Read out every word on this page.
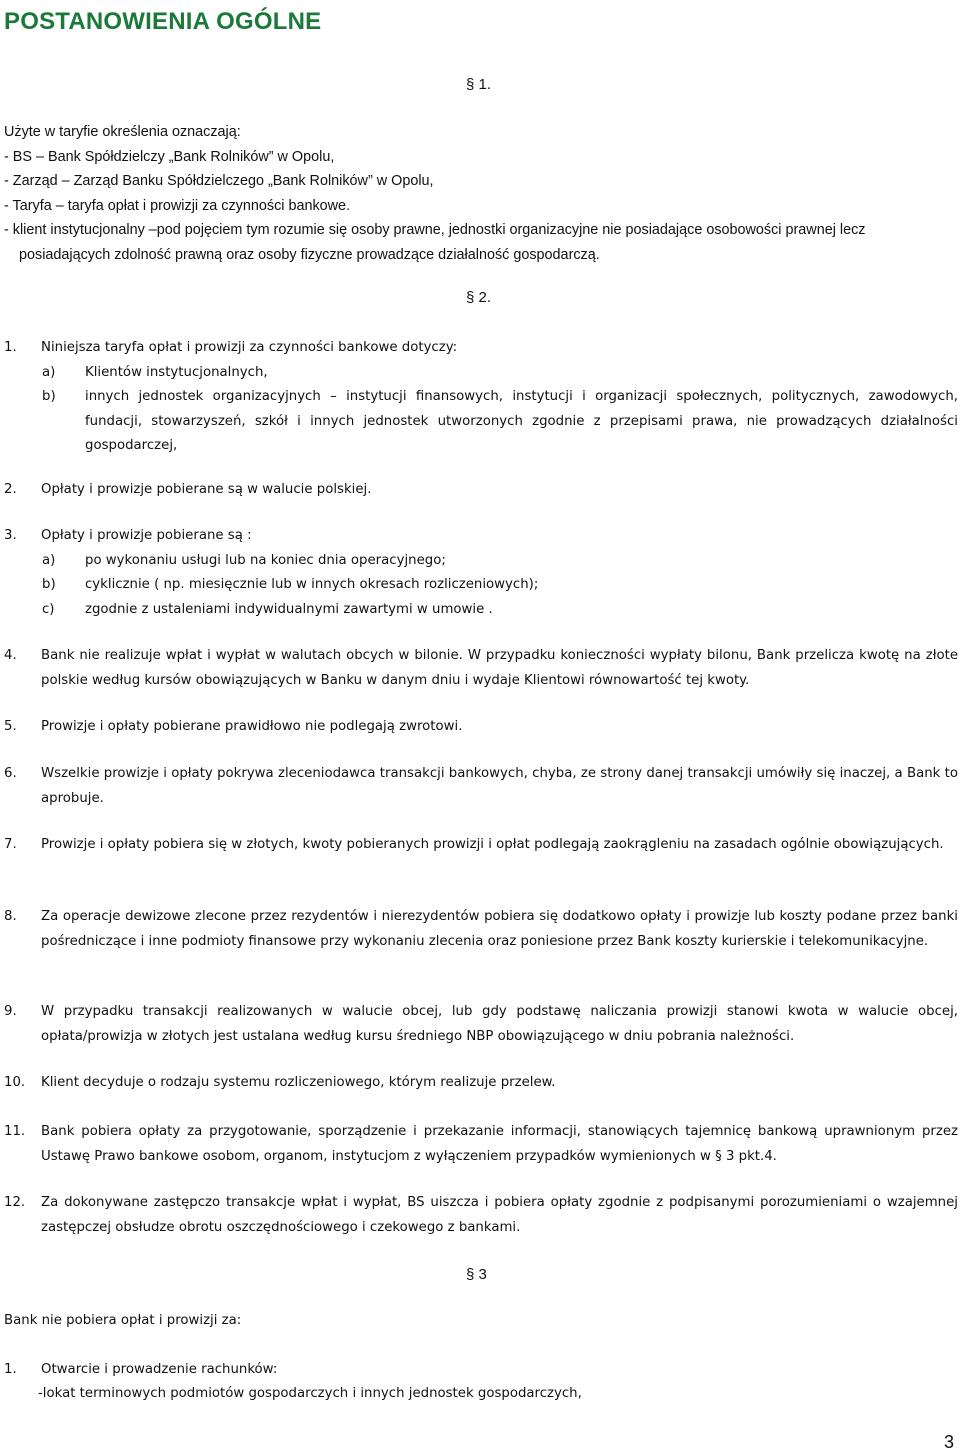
POSTANOWIENIA OGÓLNE
§ 1.

Użyte w taryfie określenia oznaczają:

- BS – Bank Spółdzielczy „Bank Rolników” w Opolu,

- Zarząd – Zarząd Banku Spółdzielczego „Bank Rolników” w Opolu,

- Taryfa – taryfa opłat i prowizji za czynności bankowe.

- klient instytucjonalny –pod pojęciem tym rozumie się osoby prawne, jednostki organizacyjne nie posiadające osobowości prawnej lecz posiadających zdolność prawną oraz osoby fizyczne prowadzące działalność gospodarczą.

§ 2.
1. Niniejsza taryfa opłat i prowizji za czynności bankowe dotyczy:
a) Klientów instytucjonalnych,
b) innych jednostek organizacyjnych – instytucji finansowych, instytucji i organizacji społecznych, politycznych, zawodowych, fundacji, stowarzyszeń, szkół i innych jednostek utworzonych zgodnie z przepisami prawa, nie prowadzących działalności gospodarczej,
2. Opłaty i prowizje pobierane są w walucie polskiej.
3. Opłaty i prowizje pobierane są :
a) po wykonaniu usługi lub na koniec dnia operacyjnego;
b) cyklicznie ( np. miesięcznie lub w innych okresach rozliczeniowych);
c) zgodnie z ustaleniami indywidualnymi zawartymi w umowie .
4. Bank nie realizuje wpłat i wypłat w walutach obcych w bilonie. W przypadku konieczności wypłaty bilonu, Bank przelicza kwotę na złote polskie według kursów obowiązujących w Banku w danym dniu i wydaje Klientowi równowartość tej kwoty.
5. Prowizje i opłaty pobierane prawidłowo nie podlegają zwrotowi.
6. Wszelkie prowizje i opłaty pokrywa zleceniodawca transakcji bankowych, chyba, ze strony danej transakcji umówiły się inaczej, a Bank to aprobuje.
7. Prowizje i opłaty pobiera się w złotych, kwoty pobieranych prowizji i opłat podlegają zaokrągleniu na zasadach ogólnie obowiązujących.
8. Za operacje dewizowe zlecone przez rezydentów i nierezydentów pobiera się dodatkowo opłaty i prowizje lub koszty podane przez banki pośredniczące i inne podmioty finansowe przy wykonaniu zlecenia oraz poniesione przez Bank koszty kurierskie i telekomunikacyjne.
9. W przypadku transakcji realizowanych w walucie obcej, lub gdy podstawę naliczania prowizji stanowi kwota w walucie obcej, opłata/prowizja w złotych jest ustalana według kursu średniego NBP obowiązującego w dniu pobrania należności.
10. Klient decyduje o rodzaju systemu rozliczeniowego, którym realizuje przelew.
11. Bank pobiera opłaty za przygotowanie, sporządzenie i przekazanie informacji, stanowiących tajemnicę bankową uprawnionym przez Ustawę Prawo bankowe osobom, organom, instytucjom z wyłączeniem przypadków wymienionych w § 3 pkt.4.
12. Za dokonywane zastępczo transakcje wpłat i wypłat, BS uiszcza i pobiera opłaty zgodnie z podpisanymi porozumieniami o wzajemnej zastępczej obsłudze obrotu oszczędnościowego i czekowego z bankami.
§ 3
Bank nie pobiera opłat i prowizji za:
1. Otwarcie i prowadzenie rachunków:
-lokat terminowych podmiotów gospodarczych i innych jednostek gospodarczych,
3
